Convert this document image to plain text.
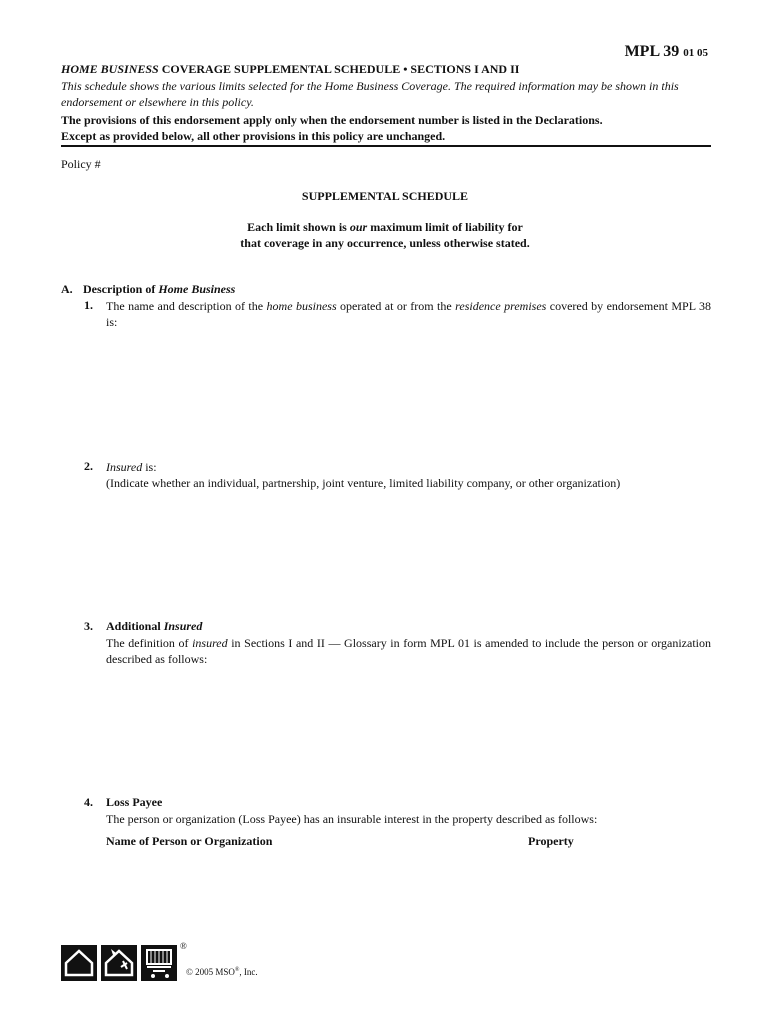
MPL 39 01 05
HOME BUSINESS COVERAGE SUPPLEMENTAL SCHEDULE • SECTIONS I AND II
This schedule shows the various limits selected for the Home Business Coverage. The required information may be shown in this endorsement or elsewhere in this policy.
The provisions of this endorsement apply only when the endorsement number is listed in the Declarations.
Except as provided below, all other provisions in this policy are unchanged.
Policy #
SUPPLEMENTAL SCHEDULE
Each limit shown is our maximum limit of liability for
that coverage in any occurrence, unless otherwise stated.
A. Description of Home Business
1. The name and description of the home business operated at or from the residence premises covered by endorsement MPL 38 is:
2. Insured is:
(Indicate whether an individual, partnership, joint venture, limited liability company, or other organization)
3. Additional Insured
The definition of insured in Sections I and II — Glossary in form MPL 01 is amended to include the person or organization described as follows:
4. Loss Payee
The person or organization (Loss Payee) has an insurable interest in the property described as follows:
Name of Person or Organization	Property
®
© 2005 MSO®, Inc.
